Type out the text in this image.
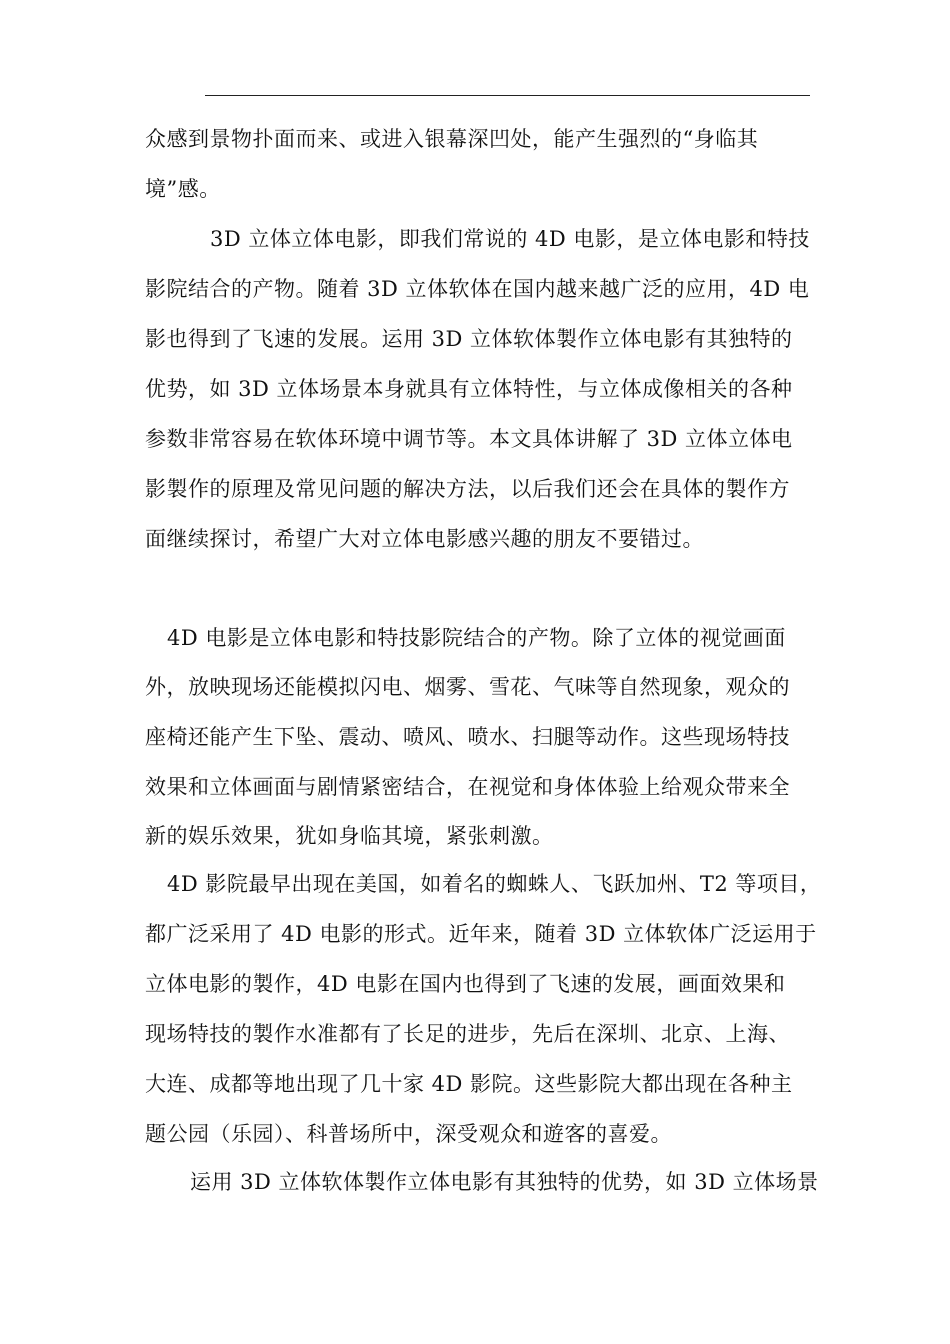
众感到景物扑面而来、或进入银幕深凹处，能产生强烈的“身临其
境”感。
3D 立体立体电影，即我们常说的 4D 电影，是立体电影和特技
影院结合的产物。随着 3D 立体软体在国内越来越广泛的应用，4D 电
影也得到了飞速的发展。运用 3D 立体软体製作立体电影有其独特的
优势，如 3D 立体场景本身就具有立体特性，与立体成像相关的各种
参数非常容易在软体环境中调节等。本文具体讲解了 3D 立体立体电
影製作的原理及常见问题的解决方法，以后我们还会在具体的製作方
面继续探讨，希望广大对立体电影感兴趣的朋友不要错过。
4D 电影是立体电影和特技影院结合的产物。除了立体的视觉画面
外，放映现场还能模拟闪电、烟雾、雪花、气味等自然现象，观众的
座椅还能产生下坠、震动、喷风、喷水、扫腿等动作。这些现场特技
效果和立体画面与剧情紧密结合，在视觉和身体体验上给观众带来全
新的娱乐效果，犹如身临其境，紧张刺激。
4D 影院最早出现在美国，如着名的蜘蛛人、飞跃加州、T2 等项目，
都广泛采用了 4D 电影的形式。近年来，随着 3D 立体软体广泛运用于
立体电影的製作，4D 电影在国内也得到了飞速的发展，画面效果和
现场特技的製作水准都有了长足的进步，先后在深圳、北京、上海、
大连、成都等地出现了几十家 4D 影院。这些影院大都出现在各种主
题公园（乐园）、科普场所中，深受观众和遊客的喜爱。
运用 3D 立体软体製作立体电影有其独特的优势，如 3D 立体场景
